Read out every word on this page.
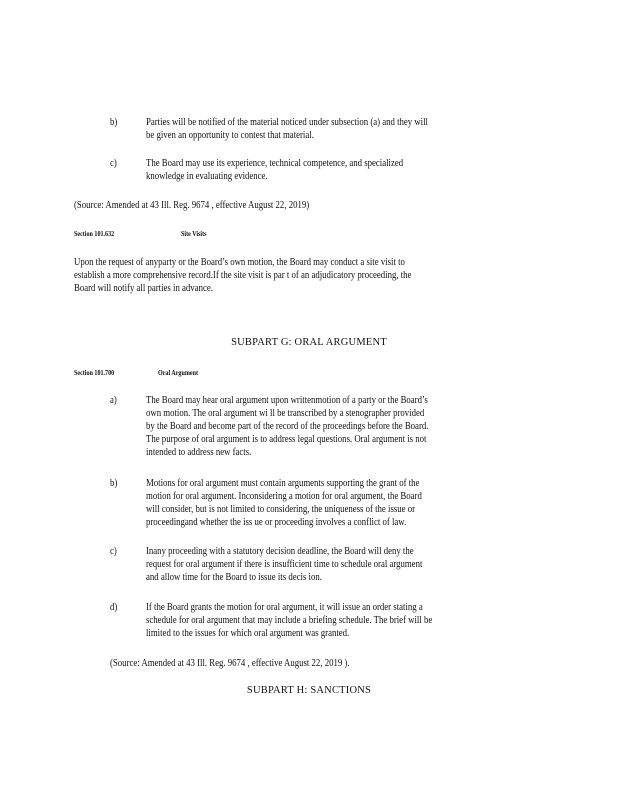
b)	Parties will be notified of the material noticed under subsection (a) and they will
be given an opportunity to contest that material.
c)	The Board may use its experience, technical competence, and specialized
knowledge in evaluating evidence.
(Source: Amended at 43 Ill. Reg. 9674 , effective August 22, 2019)
Section 101.632	Site Visits
Upon the request of anyparty or the Board’s own motion, the Board may conduct a site visit to
establish a more comprehensive record.If the site visit is par t of an adjudicatory proceeding, the
Board will notify all parties in advance.
SUBPART G: ORAL ARGUMENT
Section 101.700	Oral Argument
a)	The Board may hear oral argument upon writtenmotion of a party or the Board’s
own motion. The oral argument wi ll be transcribed by a stenographer provided
by the Board and become part of the record of the proceedings before the Board.
The purpose of oral argument is to address legal questions. Oral argument is not
intended to address new facts.
b)	Motions for oral argument must contain arguments supporting the grant of the
motion for oral argument. Inconsidering a motion for oral argument, the Board
will consider, but is not limited to considering, the uniqueness of the issue or
proceedingand whether the iss ue or proceeding involves a conflict of law.
c)	Inany proceeding with a statutory decision deadline, the Board will deny the
request for oral argument if there is insufficient time to schedule oral argument
and allow time for the Board to issue its decis ion.
d)	If the Board grants the motion for oral argument, it will issue an order stating a
schedule for oral argument that may include a briefing schedule. The brief will be
limited to the issues for which oral argument was granted.
(Source: Amended at 43 Ill. Reg. 9674 , effective August 22, 2019 ).
SUBPART H: SANCTIONS
